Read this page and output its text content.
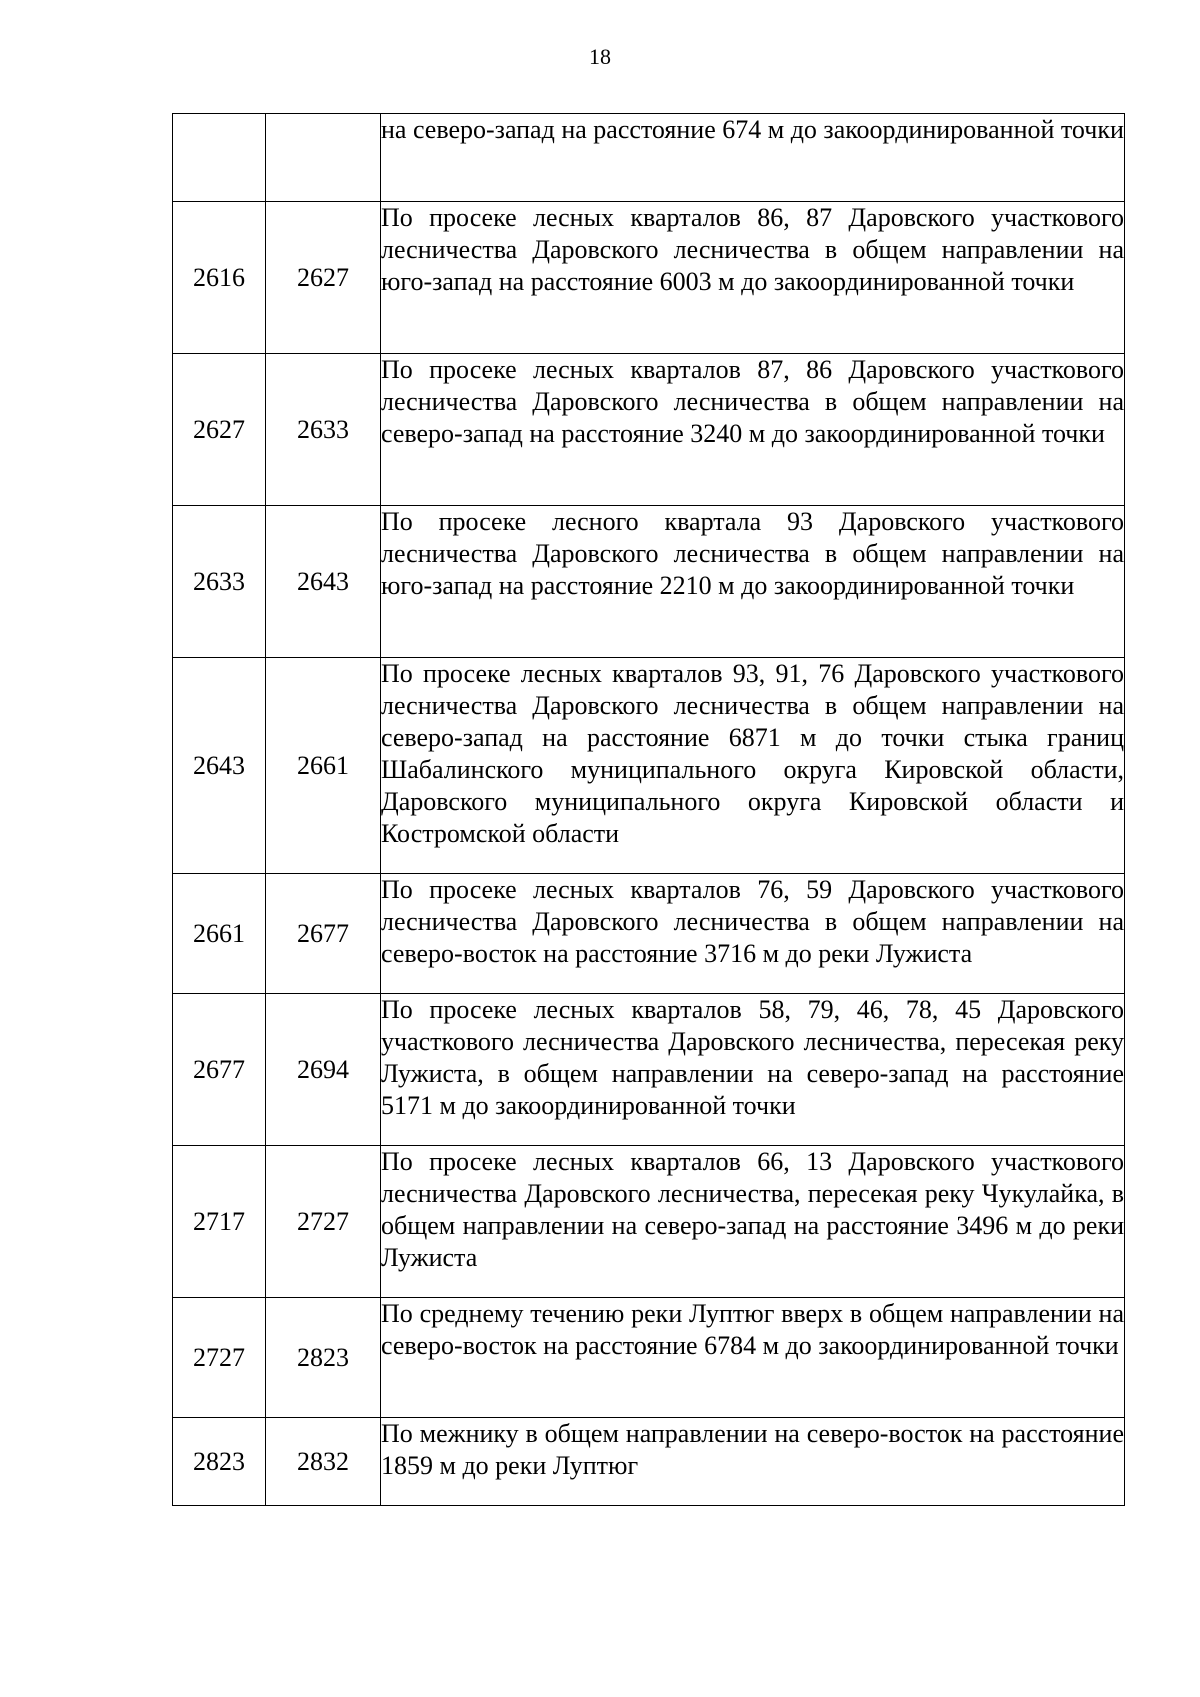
18
		на северо-запад на расстояние 674 м до закоординированной точки
2616	2627	По просеке лесных кварталов 86, 87 Даровского участкового лесничества Даровского лесничества в общем направлении на юго-запад на расстояние 6003 м до закоординированной точки
2627	2633	По просеке лесных кварталов 87, 86 Даровского участкового лесничества Даровского лесничества в общем направлении на северо-запад на расстояние 3240 м до закоординированной точки
2633	2643	По просеке лесного квартала 93 Даровского участкового лесничества Даровского лесничества в общем направлении на юго-запад на расстояние 2210 м до закоординированной точки
2643	2661	По просеке лесных кварталов 93, 91, 76 Даровского участкового лесничества Даровского лесничества в общем направлении на северо-запад на расстояние 6871 м до точки стыка границ Шабалинского муниципального округа Кировской области, Даровского муниципального округа Кировской области и Костромской области
2661	2677	По просеке лесных кварталов 76, 59 Даровского участкового лесничества Даровского лесничества в общем направлении на северо-восток на расстояние 3716 м до реки Лужиста
2677	2694	По просеке лесных кварталов 58, 79, 46, 78, 45 Даровского участкового лесничества Даровского лесничества, пересекая реку Лужиста, в общем направлении на северо-запад на расстояние 5171 м до закоординированной точки
2717	2727	По просеке лесных кварталов 66, 13 Даровского участкового лесничества Даровского лесничества, пересекая реку Чукулайка, в общем направлении на северо-запад на расстояние 3496 м до реки Лужиста
2727	2823	По среднему течению реки Луптюг вверх в общем направлении на северо-восток на расстояние 6784 м до закоординированной точки
2823	2832	По межнику в общем направлении на северо-восток на расстояние 1859 м до реки Луптюг
